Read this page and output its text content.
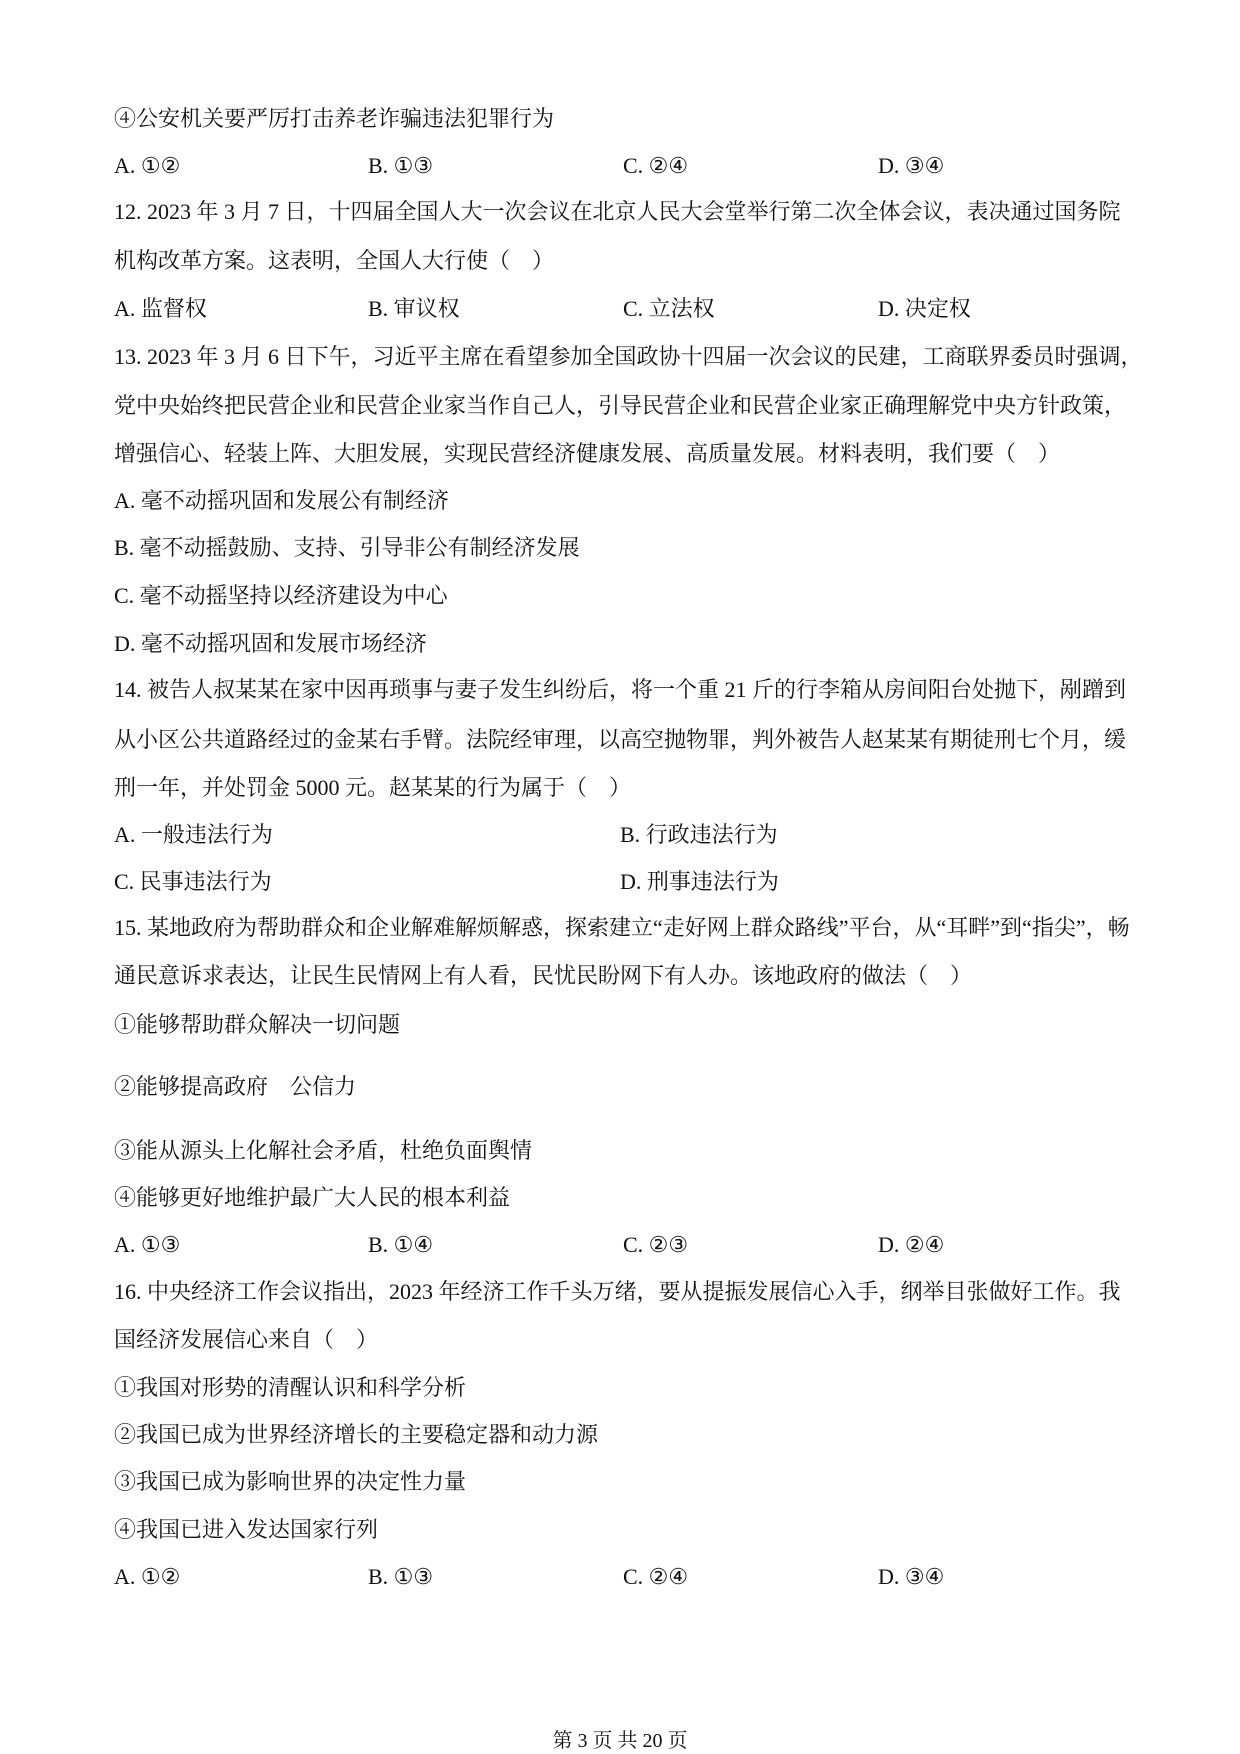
④公安机关要严厉打击养老诈骗违法犯罪行为
A. ①②	B. ①③	C. ②④	D. ③④
12. 2023 年 3 月 7 日，十四届全国人大一次会议在北京人民大会堂举行第二次全体会议，表决通过国务院
机构改革方案。这表明，全国人大行使（　）
A. 监督权	B. 审议权	C. 立法权	D. 决定权
13. 2023 年 3 月 6 日下午，习近平主席在看望参加全国政协十四届一次会议的民建，工商联界委员时强调，
党中央始终把民营企业和民营企业家当作自己人，引导民营企业和民营企业家正确理解党中央方针政策，
增强信心、轻装上阵、大胆发展，实现民营经济健康发展、高质量发展。材料表明，我们要（　）
A. 毫不动摇巩固和发展公有制经济
B. 毫不动摇鼓励、支持、引导非公有制经济发展
C. 毫不动摇坚持以经济建设为中心
D. 毫不动摇巩固和发展市场经济
14. 被告人叔某某在家中因再琐事与妻子发生纠纷后，将一个重 21 斤的行李箱从房间阳台处抛下，剐蹭到
从小区公共道路经过的金某右手臂。法院经审理，以高空抛物罪，判外被告人赵某某有期徒刑七个月，缓
刑一年，并处罚金 5000 元。赵某某的行为属于（　）
A. 一般违法行为	B. 行政违法行为
C. 民事违法行为	D. 刑事违法行为
15. 某地政府为帮助群众和企业解难解烦解惑，探索建立“走好网上群众路线”平台，从“耳畔”到“指尖”，畅
通民意诉求表达，让民生民情网上有人看，民忧民盼网下有人办。该地政府的做法（　）
①能够帮助群众解决一切问题
②能够提高政府　公信力
③能从源头上化解社会矛盾，杜绝负面舆情
④能够更好地维护最广大人民的根本利益
A. ①③	B. ①④	C. ②③	D. ②④
16. 中央经济工作会议指出，2023 年经济工作千头万绪，要从提振发展信心入手，纲举目张做好工作。我
国经济发展信心来自（　）
①我国对形势的清醒认识和科学分析
②我国已成为世界经济增长的主要稳定器和动力源
③我国已成为影响世界的决定性力量
④我国已进入发达国家行列
A. ①②	B. ①③	C. ②④	D. ③④
第 3 页 共 20 页
